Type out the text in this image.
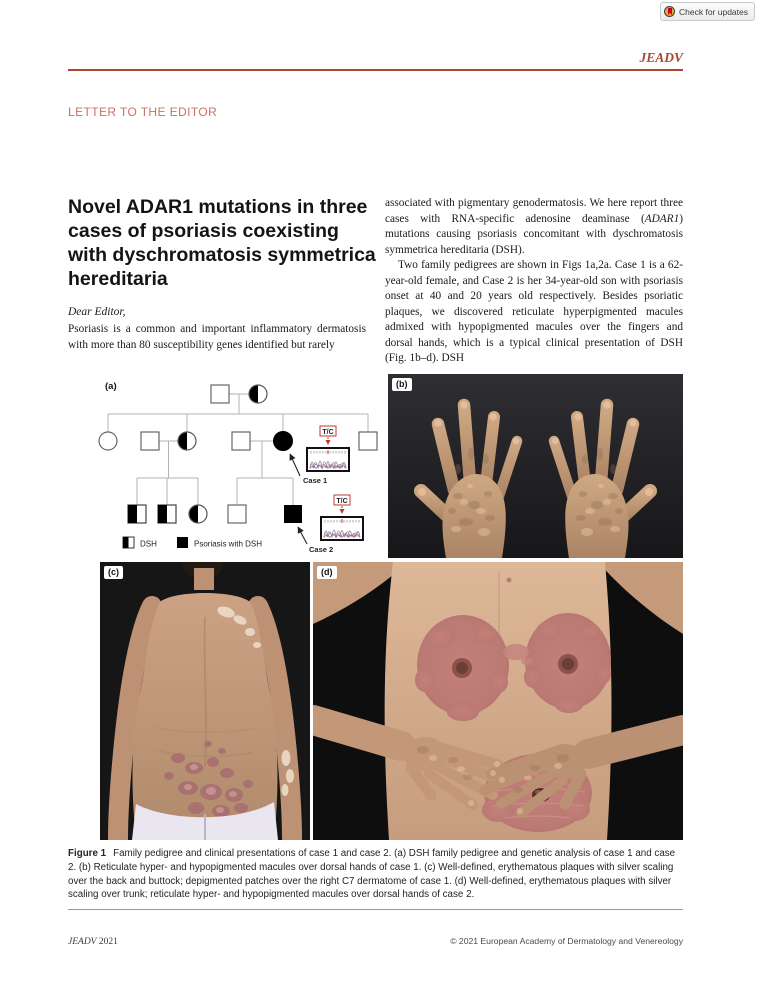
Check for updates
JEADV
LETTER TO THE EDITOR
Novel ADAR1 mutations in three cases of psoriasis coexisting with dyschromatosis symmetrica hereditaria
Dear Editor,

Psoriasis is a common and important inflammatory dermatosis with more than 80 susceptibility genes identified but rarely

associated with pigmentary genodermatosis. We here report three cases with RNA-specific adenosine deaminase (ADAR1) mutations causing psoriasis concomitant with dyschromatosis symmetrica hereditaria (DSH).

Two family pedigrees are shown in Figs 1a,2a. Case 1 is a 62-year-old female, and Case 2 is her 34-year-old son with psoriasis onset at 40 and 20 years old respectively. Besides psoriatic plaques, we discovered reticulate hyperpigmented macules admixed with hypopigmented macules over the fingers and dorsal hands, which is a typical clinical presentation of DSH (Fig. 1b–d). DSH

(a)
T/C
Case 1
T/C
Case 2
DSH	Psoriasis with DSH
(b)
(c)	(d)
Figure 1 Family pedigree and clinical presentations of case 1 and case 2. (a) DSH family pedigree and genetic analysis of case 1 and case 2. (b) Reticulate hyper- and hypopigmented macules over dorsal hands of case 1. (c) Well-defined, erythematous plaques with silver scaling over the back and buttock; depigmented patches over the right C7 dermatome of case 1. (d) Well-defined, erythematous plaques with silver scaling over trunk; reticulate hyper- and hypopigmented macules over dorsal hands of case 2.
JEADV 2021	© 2021 European Academy of Dermatology and Venereology
